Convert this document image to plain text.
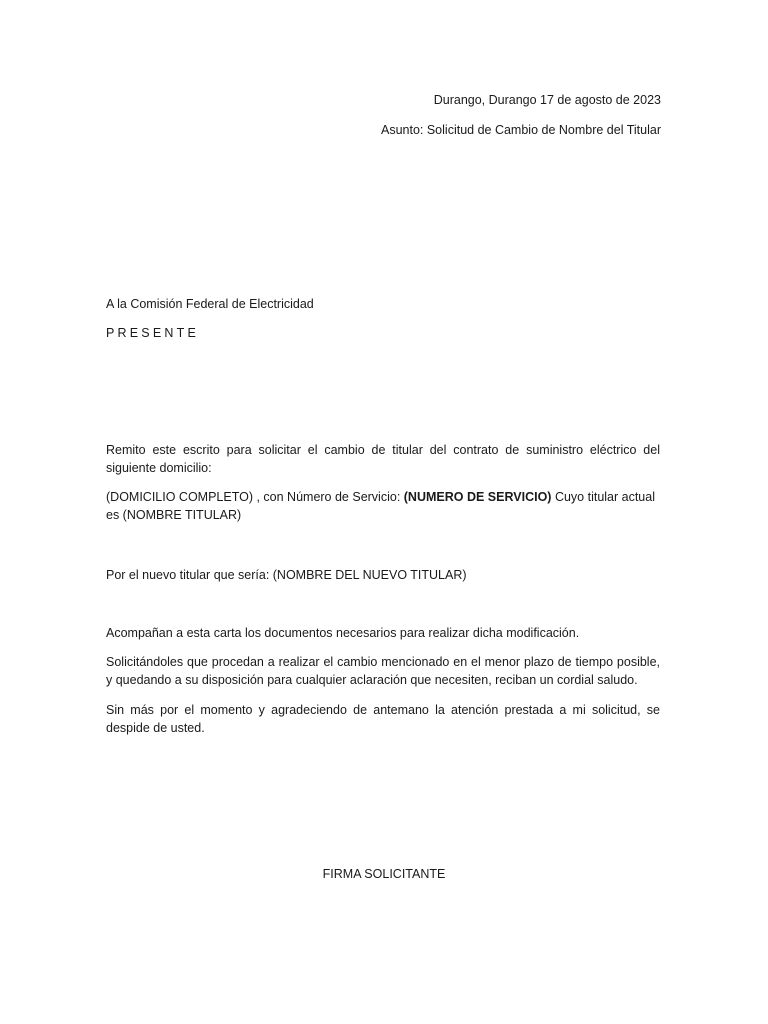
Durango, Durango 17 de agosto de 2023

Asunto: Solicitud de Cambio de Nombre del Titular

A la Comisión Federal de Electricidad

PRESENTE

Remito este escrito para solicitar el cambio de titular del contrato de suministro eléctrico del siguiente domicilio:

(DOMICILIO COMPLETO) , con Número de Servicio: (NUMERO DE SERVICIO) Cuyo titular actual es (NOMBRE TITULAR)

Por el nuevo titular que sería: (NOMBRE DEL NUEVO TITULAR)

Acompañan a esta carta los documentos necesarios para realizar dicha modificación.

Solicitándoles que procedan a realizar el cambio mencionado en el menor plazo de tiempo posible, y quedando a su disposición para cualquier aclaración que necesiten, reciban un cordial saludo.

Sin más por el momento y agradeciendo de antemano la atención prestada a mi solicitud, se despide de usted.

FIRMA SOLICITANTE
